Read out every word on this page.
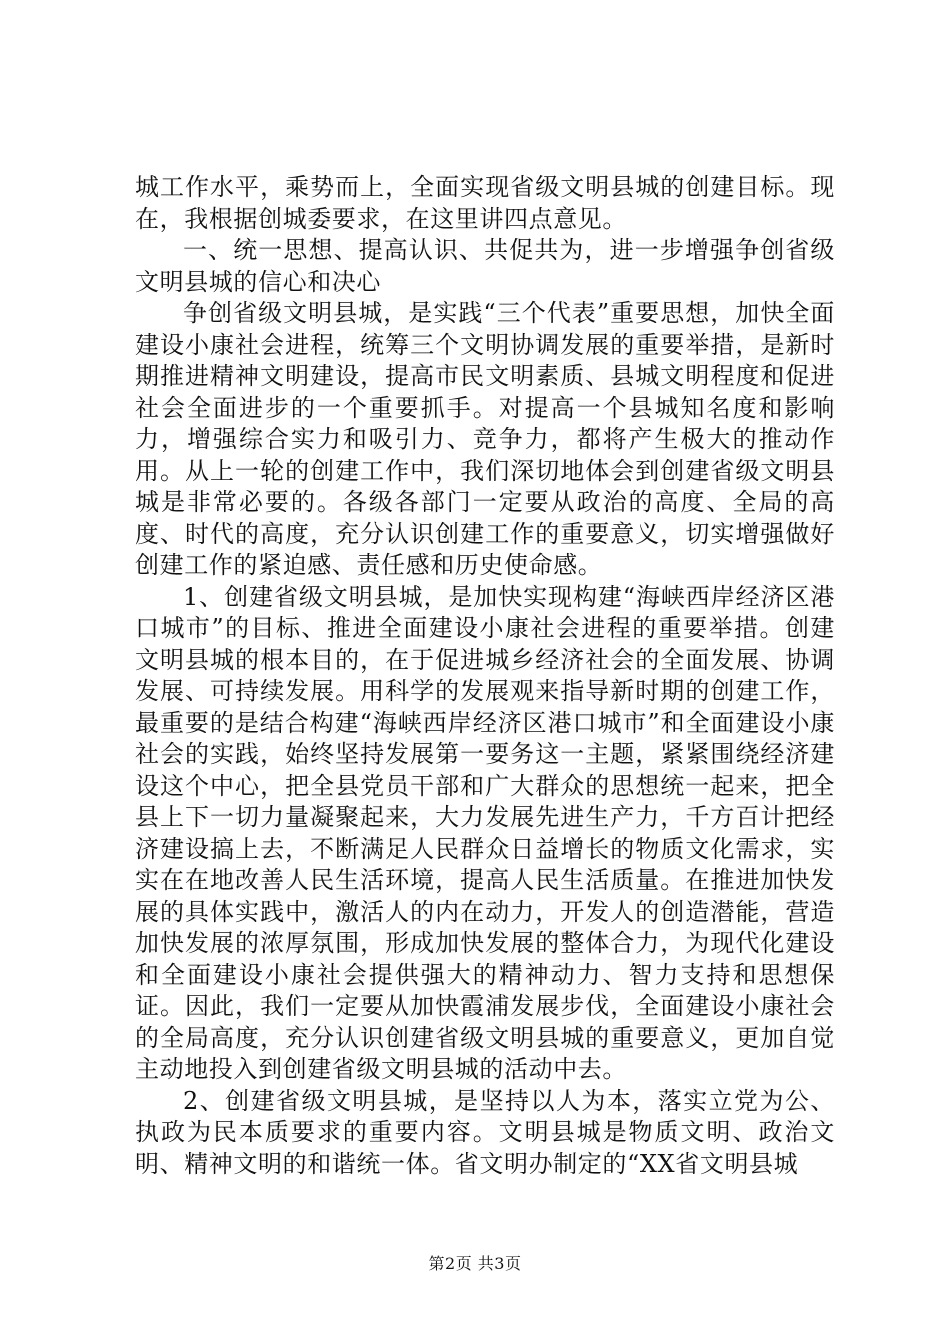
城工作水平，乘势而上，全面实现省级文明县城的创建目标。现在，我根据创城委要求，在这里讲四点意见。

一、统一思想、提高认识、共促共为，进一步增强争创省级文明县城的信心和决心

争创省级文明县城，是实践“三个代表”重要思想，加快全面建设小康社会进程，统筹三个文明协调发展的重要举措，是新时期推进精神文明建设，提高市民文明素质、县城文明程度和促进社会全面进步的一个重要抓手。对提高一个县城知名度和影响力，增强综合实力和吸引力、竞争力，都将产生极大的推动作用。从上一轮的创建工作中，我们深切地体会到创建省级文明县城是非常必要的。各级各部门一定要从政治的高度、全局的高度、时代的高度，充分认识创建工作的重要意义，切实增强做好创建工作的紧迫感、责任感和历史使命感。

1、创建省级文明县城，是加快实现构建“海峡西岸经济区港口城市”的目标、推进全面建设小康社会进程的重要举措。创建文明县城的根本目的，在于促进城乡经济社会的全面发展、协调发展、可持续发展。用科学的发展观来指导新时期的创建工作，最重要的是结合构建“海峡西岸经济区港口城市”和全面建设小康社会的实践，始终坚持发展第一要务这一主题，紧紧围绕经济建设这个中心，把全县党员干部和广大群众的思想统一起来，把全县上下一切力量凝聚起来，大力发展先进生产力，千方百计把经济建设搞上去，不断满足人民群众日益增长的物质文化需求，实实在在地改善人民生活环境，提高人民生活质量。在推进加快发展的具体实践中，激活人的内在动力，开发人的创造潜能，营造加快发展的浓厚氛围，形成加快发展的整体合力，为现代化建设和全面建设小康社会提供强大的精神动力、智力支持和思想保证。因此，我们一定要从加快霞浦发展步伐，全面建设小康社会的全局高度，充分认识创建省级文明县城的重要意义，更加自觉主动地投入到创建省级文明县城的活动中去。

2、创建省级文明县城，是坚持以人为本，落实立党为公、执政为民本质要求的重要内容。文明县城是物质文明、政治文明、精神文明的和谐统一体。省文明办制定的“XX省文明县城

第2页 共3页
